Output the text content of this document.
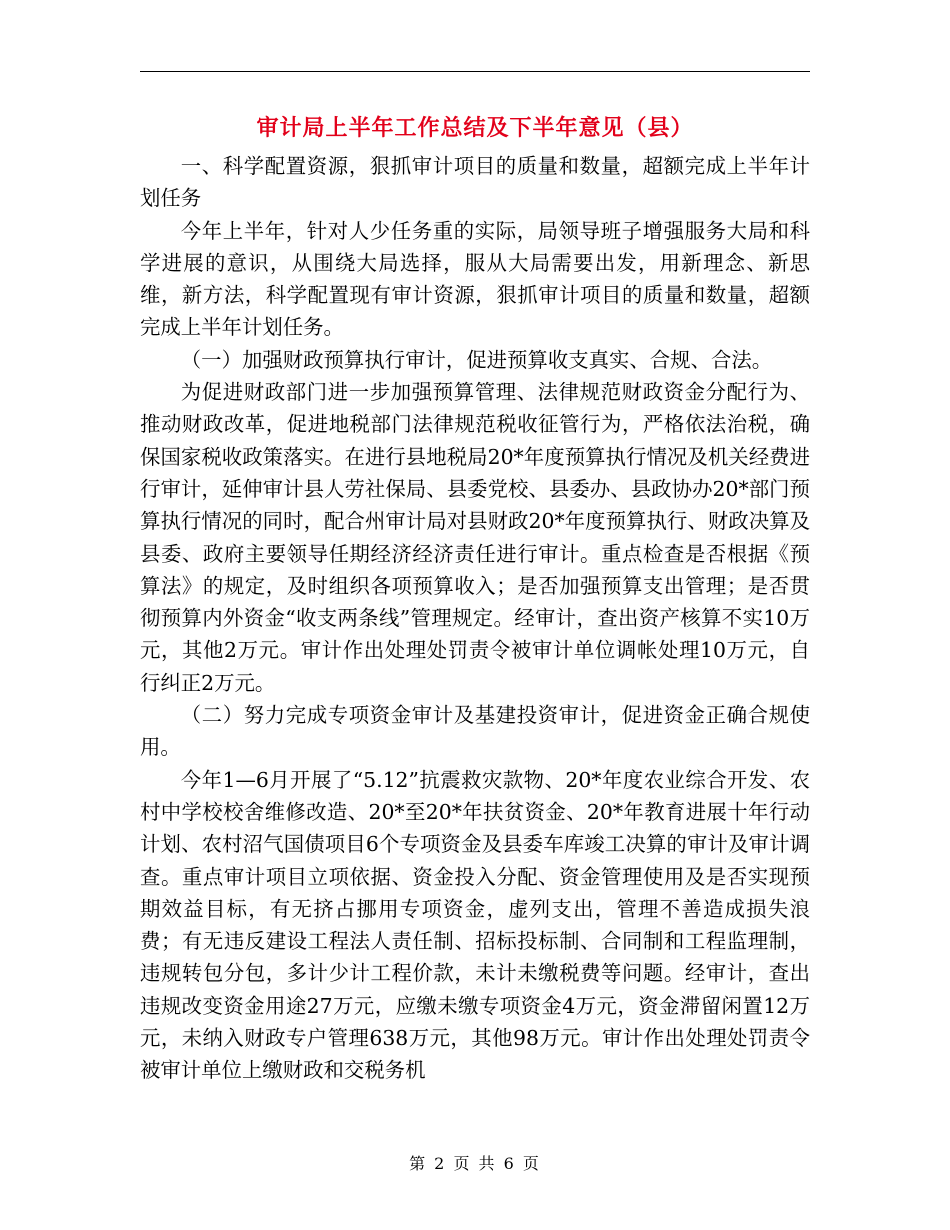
审计局上半年工作总结及下半年意见（县）

一、科学配置资源，狠抓审计项目的质量和数量，超额完成上半年计划任务

今年上半年，针对人少任务重的实际，局领导班子增强服务大局和科学进展的意识，从围绕大局选择，服从大局需要出发，用新理念、新思维，新方法，科学配置现有审计资源，狠抓审计项目的质量和数量，超额完成上半年计划任务。

（一）加强财政预算执行审计，促进预算收支真实、合规、合法。

为促进财政部门进一步加强预算管理、法律规范财政资金分配行为、推动财政改革，促进地税部门法律规范税收征管行为，严格依法治税，确保国家税收政策落实。在进行县地税局20*年度预算执行情况及机关经费进行审计，延伸审计县人劳社保局、县委党校、县委办、县政协办20*部门预算执行情况的同时，配合州审计局对县财政20*年度预算执行、财政决算及县委、政府主要领导任期经济经济责任进行审计。重点检查是否根据《预算法》的规定，及时组织各项预算收入；是否加强预算支出管理；是否贯彻预算内外资金“收支两条线”管理规定。经审计，查出资产核算不实10万元，其他2万元。审计作出处理处罚责令被审计单位调帐处理10万元，自行纠正2万元。

（二）努力完成专项资金审计及基建投资审计，促进资金正确合规使用。

今年1—6月开展了“5.12”抗震救灾款物、20*年度农业综合开发、农村中学校校舍维修改造、20*至20*年扶贫资金、20*年教育进展十年行动计划、农村沼气国债项目6个专项资金及县委车库竣工决算的审计及审计调查。重点审计项目立项依据、资金投入分配、资金管理使用及是否实现预期效益目标，有无挤占挪用专项资金，虚列支出，管理不善造成损失浪费；有无违反建设工程法人责任制、招标投标制、合同制和工程监理制，违规转包分包，多计少计工程价款，未计未缴税费等问题。经审计，查出违规改变资金用途27万元，应缴未缴专项资金4万元，资金滞留闲置12万元，未纳入财政专户管理638万元，其他98万元。审计作出处理处罚责令被审计单位上缴财政和交税务机

第 2 页 共 6 页
